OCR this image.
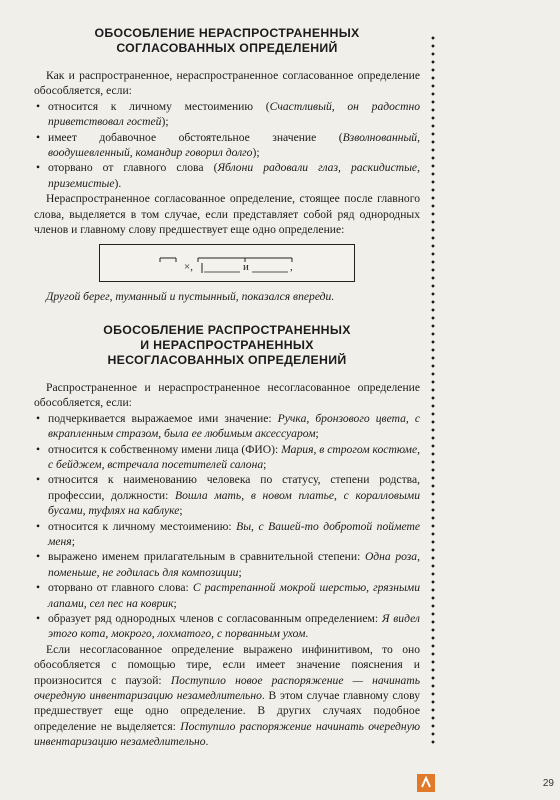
ОБОСОБЛЕНИЕ НЕРАСПРОСТРАНЕННЫХ
СОГЛАСОВАННЫХ ОПРЕДЕЛЕНИЙ

Как и распространенное, нераспространенное согласованное определение обособляется, если:

• относится к личному местоимению (Счастливый, он радостно приветствовал гостей);
• имеет добавочное обстоятельное значение (Взволнованный, воодушевленный, командир говорил долго);
• оторвано от главного слова (Яблони радовали глаз, раскидистые, приземистые).

Нераспространенное согласованное определение, стоящее после главного слова, выделяется в том случае, если представляет собой ряд однородных членов и главному слову предшествует еще одно определение:

×,	и	,

Другой берег, туманный и пустынный, показался впереди.

ОБОСОБЛЕНИЕ РАСПРОСТРАНЕННЫХ
И НЕРАСПРОСТРАНЕННЫХ
НЕСОГЛАСОВАННЫХ ОПРЕДЕЛЕНИЙ

Распространенное и нераспространенное несогласованное определение обособляется, если:

• подчеркивается выражаемое ими значение: Ручка, бронзового цвета, с вкрапленным стразом, была ее любимым аксессуаром;
• относится к собственному имени лица (ФИО): Мария, в строгом костюме, с бейджем, встречала посетителей салона;
• относится к наименованию человека по статусу, степени родства, профессии, должности: Вошла мать, в новом платье, с коралловыми бусами, туфлях на каблуке;
• относится к личному местоимению: Вы, с Вашей-то добротой поймете меня;
• выражено именем прилагательным в сравнительной степени: Одна роза, поменьше, не годилась для композиции;
• оторвано от главного слова: С растрепанной мокрой шерстью, грязными лапами, сел пес на коврик;
• образует ряд однородных членов с согласованным определением: Я видел этого кота, мокрого, лохматого, с порванным ухом.

Если несогласованное определение выражено инфинитивом, то оно обособляется с помощью тире, если имеет значение пояснения и произносится с паузой: Поступило новое распоряжение — начинать очередную инвентаризацию незамедлительно. В этом случае главному слову предшествует еще одно определение. В других случаях подобное определение не выделяется: Поступило распоряжение начинать очередную инвентаризацию незамедлительно.

29
